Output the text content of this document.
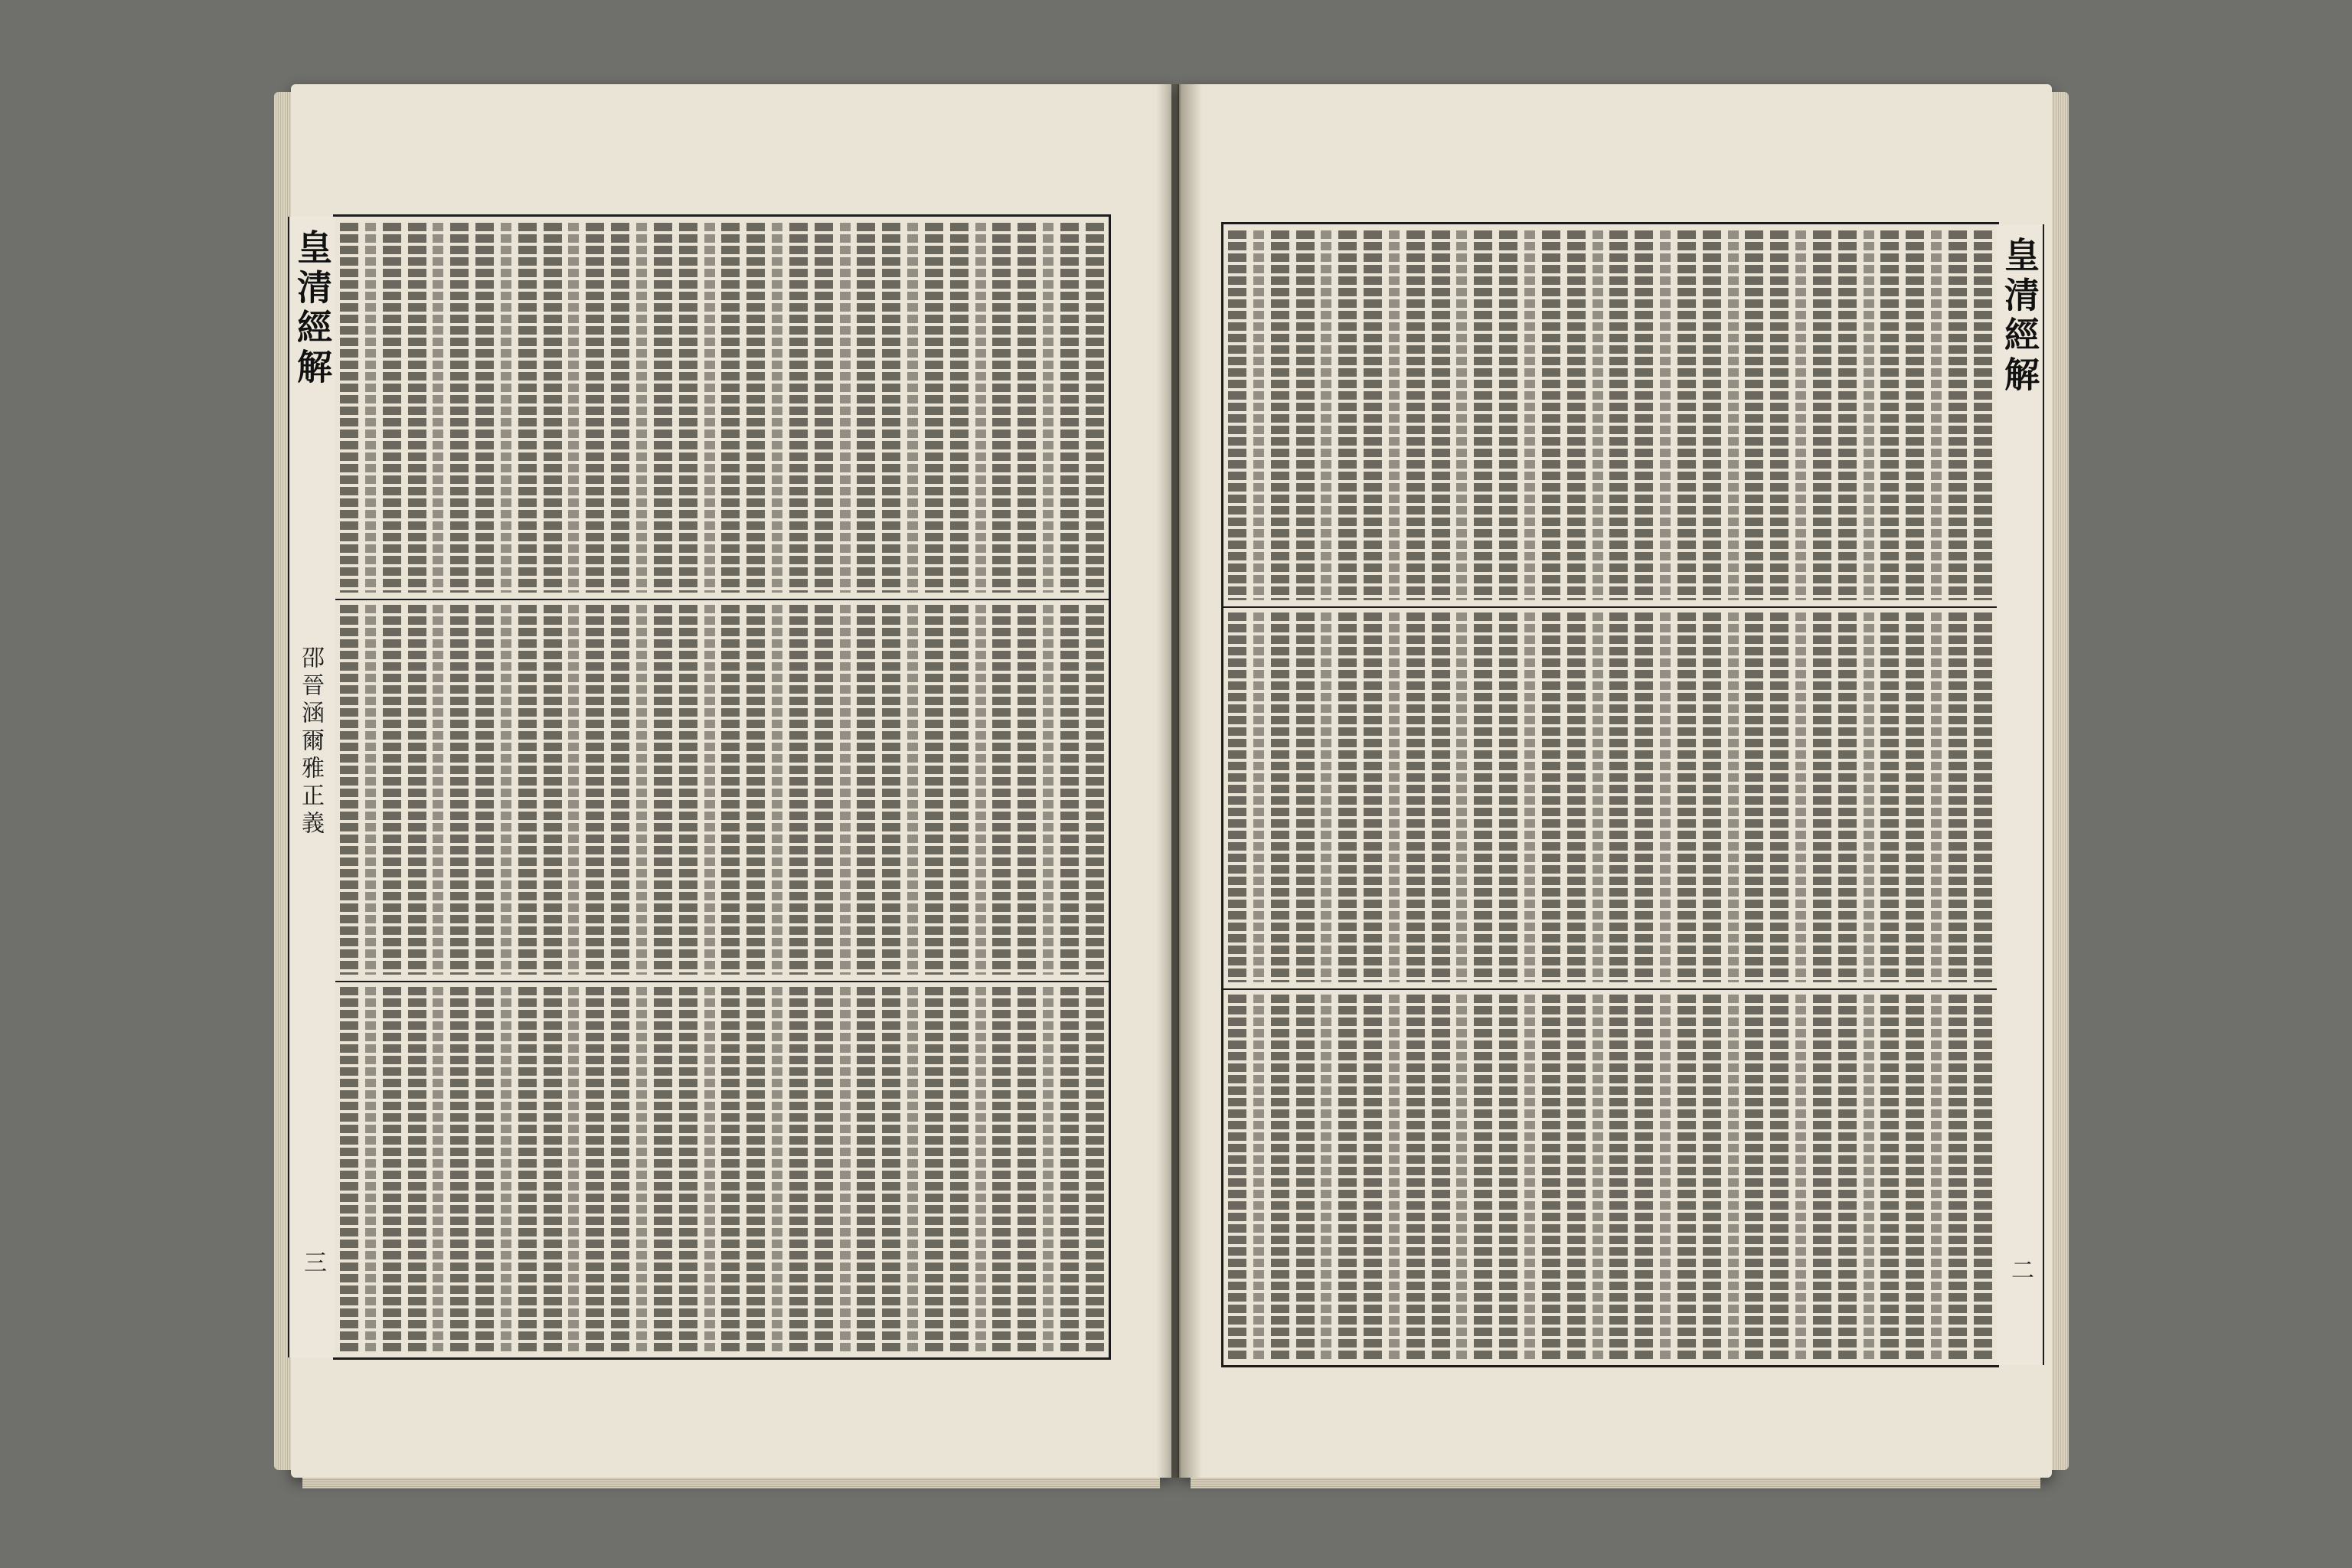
皇清經解
三
邵晉涵爾雅正義
皇清經解
二
